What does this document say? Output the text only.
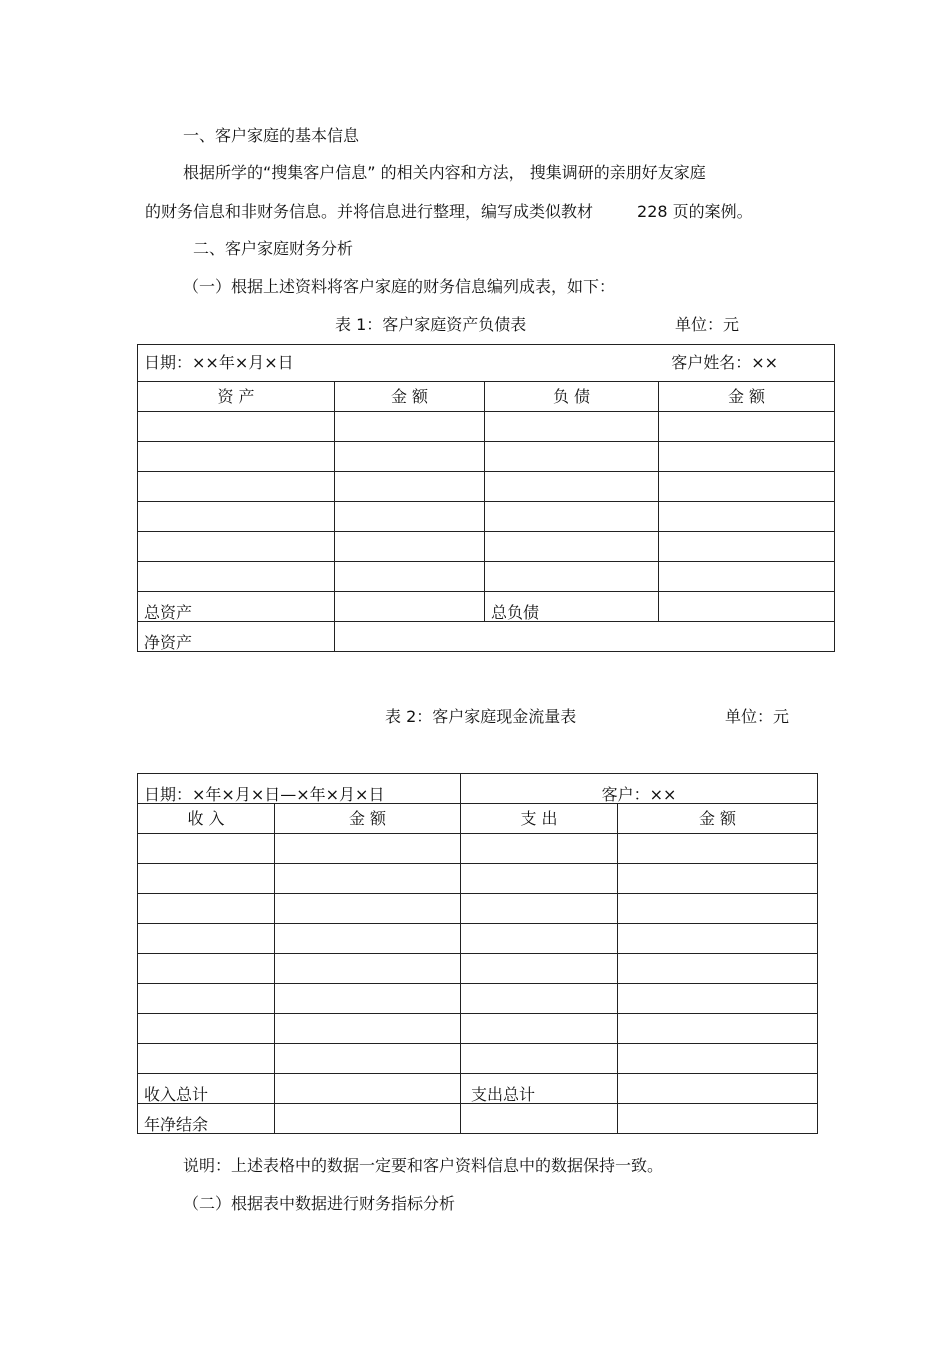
一、客户家庭的基本信息
根据所学的“搜集客户信息” 的相关内容和方法， 搜集调研的亲朋好友家庭
的财务信息和非财务信息。并将信息进行整理，编写成类似教材	228 页的案例。
二、客户家庭财务分析
（一）根据上述资料将客户家庭的财务信息编列成表，如下：
表 1：客户家庭资产负债表	单位：元
日期：××年×月×日 客户姓名：××			

资 产	金 额	负 债	金 额

总资产		总负债	
净资产			
表 2：客户家庭现金流量表	单位：元
日期：×年×月×日—×年×月×日		客户：××	
收 入	金 额	支 出	金 额

收入总计		支出总计	
年净结余			
说明：上述表格中的数据一定要和客户资料信息中的数据保持一致。
（二）根据表中数据进行财务指标分析
